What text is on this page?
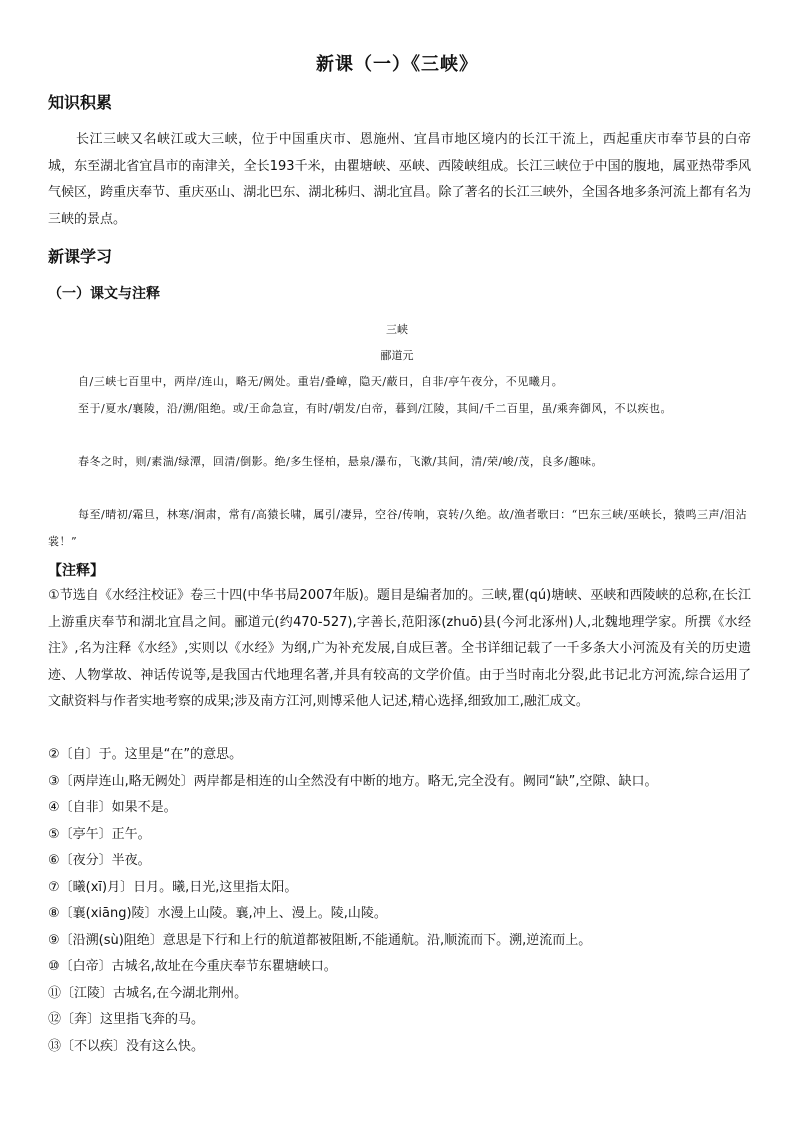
新课（一）《三峡》
知识积累
长江三峡又名峡江或大三峡，位于中国重庆市、恩施州、宜昌市地区境内的长江干流上，西起重庆市奉节县的白帝城，东至湖北省宜昌市的南津关，全长193千米，由瞿塘峡、巫峡、西陵峡组成。长江三峡位于中国的腹地，属亚热带季风气候区，跨重庆奉节、重庆巫山、湖北巴东、湖北秭归、湖北宜昌。除了著名的长江三峡外，全国各地多条河流上都有名为三峡的景点。
新课学习
（一）课文与注释
三峡
郦道元
自/三峡七百里中，两岸/连山，略无/阙处。重岩/叠嶂，隐天/蔽日，自非/亭午夜分，不见曦月。
至于/夏水/襄陵，沿/溯/阻绝。或/王命急宣，有时/朝发/白帝，暮到/江陵，其间/千二百里，虽/乘奔御风，不以疾也。
春冬之时，则/素湍/绿潭，回清/倒影。绝/多生怪柏，悬泉/瀑布，飞漱/其间，清/荣/峻/茂，良多/趣味。
每至/晴初/霜旦，林寒/涧肃，常有/高猿长啸，属引/凄异，空谷/传响，哀转/久绝。故/渔者歌曰：“巴东三峡/巫峡长，猿鸣三声/泪沾裳！”
【注释】
①节选自《水经注校证》卷三十四(中华书局2007年版)。题目是编者加的。三峡,瞿(qú)塘峡、巫峡和西陵峡的总称,在长江上游重庆奉节和湖北宜昌之间。郦道元(约470-527),字善长,范阳涿(zhuō)县(今河北涿州)人,北魏地理学家。所撰《水经注》,名为注释《水经》,实则以《水经》为纲,广为补充发展,自成巨著。全书详细记载了一千多条大小河流及有关的历史遗迹、人物掌故、神话传说等,是我国古代地理名著,并具有较高的文学价值。由于当时南北分裂,此书记北方河流,综合运用了文献资料与作者实地考察的成果;涉及南方江河,则博采他人记述,精心选择,细致加工,融汇成文。
②〔自〕于。这里是“在”的意思。
③〔两岸连山,略无阙处〕两岸都是相连的山全然没有中断的地方。略无,完全没有。阙同“缺”,空隙、缺口。
④〔自非〕如果不是。
⑤〔亭午〕正午。
⑥〔夜分〕半夜。
⑦〔曦(xī)月〕日月。曦,日光,这里指太阳。
⑧〔襄(xiāng)陵〕水漫上山陵。襄,冲上、漫上。陵,山陵。
⑨〔沿溯(sù)阻绝〕意思是下行和上行的航道都被阻断,不能通航。沿,顺流而下。溯,逆流而上。
⑩〔白帝〕古城名,故址在今重庆奉节东瞿塘峡口。
⑪〔江陵〕古城名,在今湖北荆州。
⑫〔奔〕这里指飞奔的马。
⑬〔不以疾〕没有这么快。
